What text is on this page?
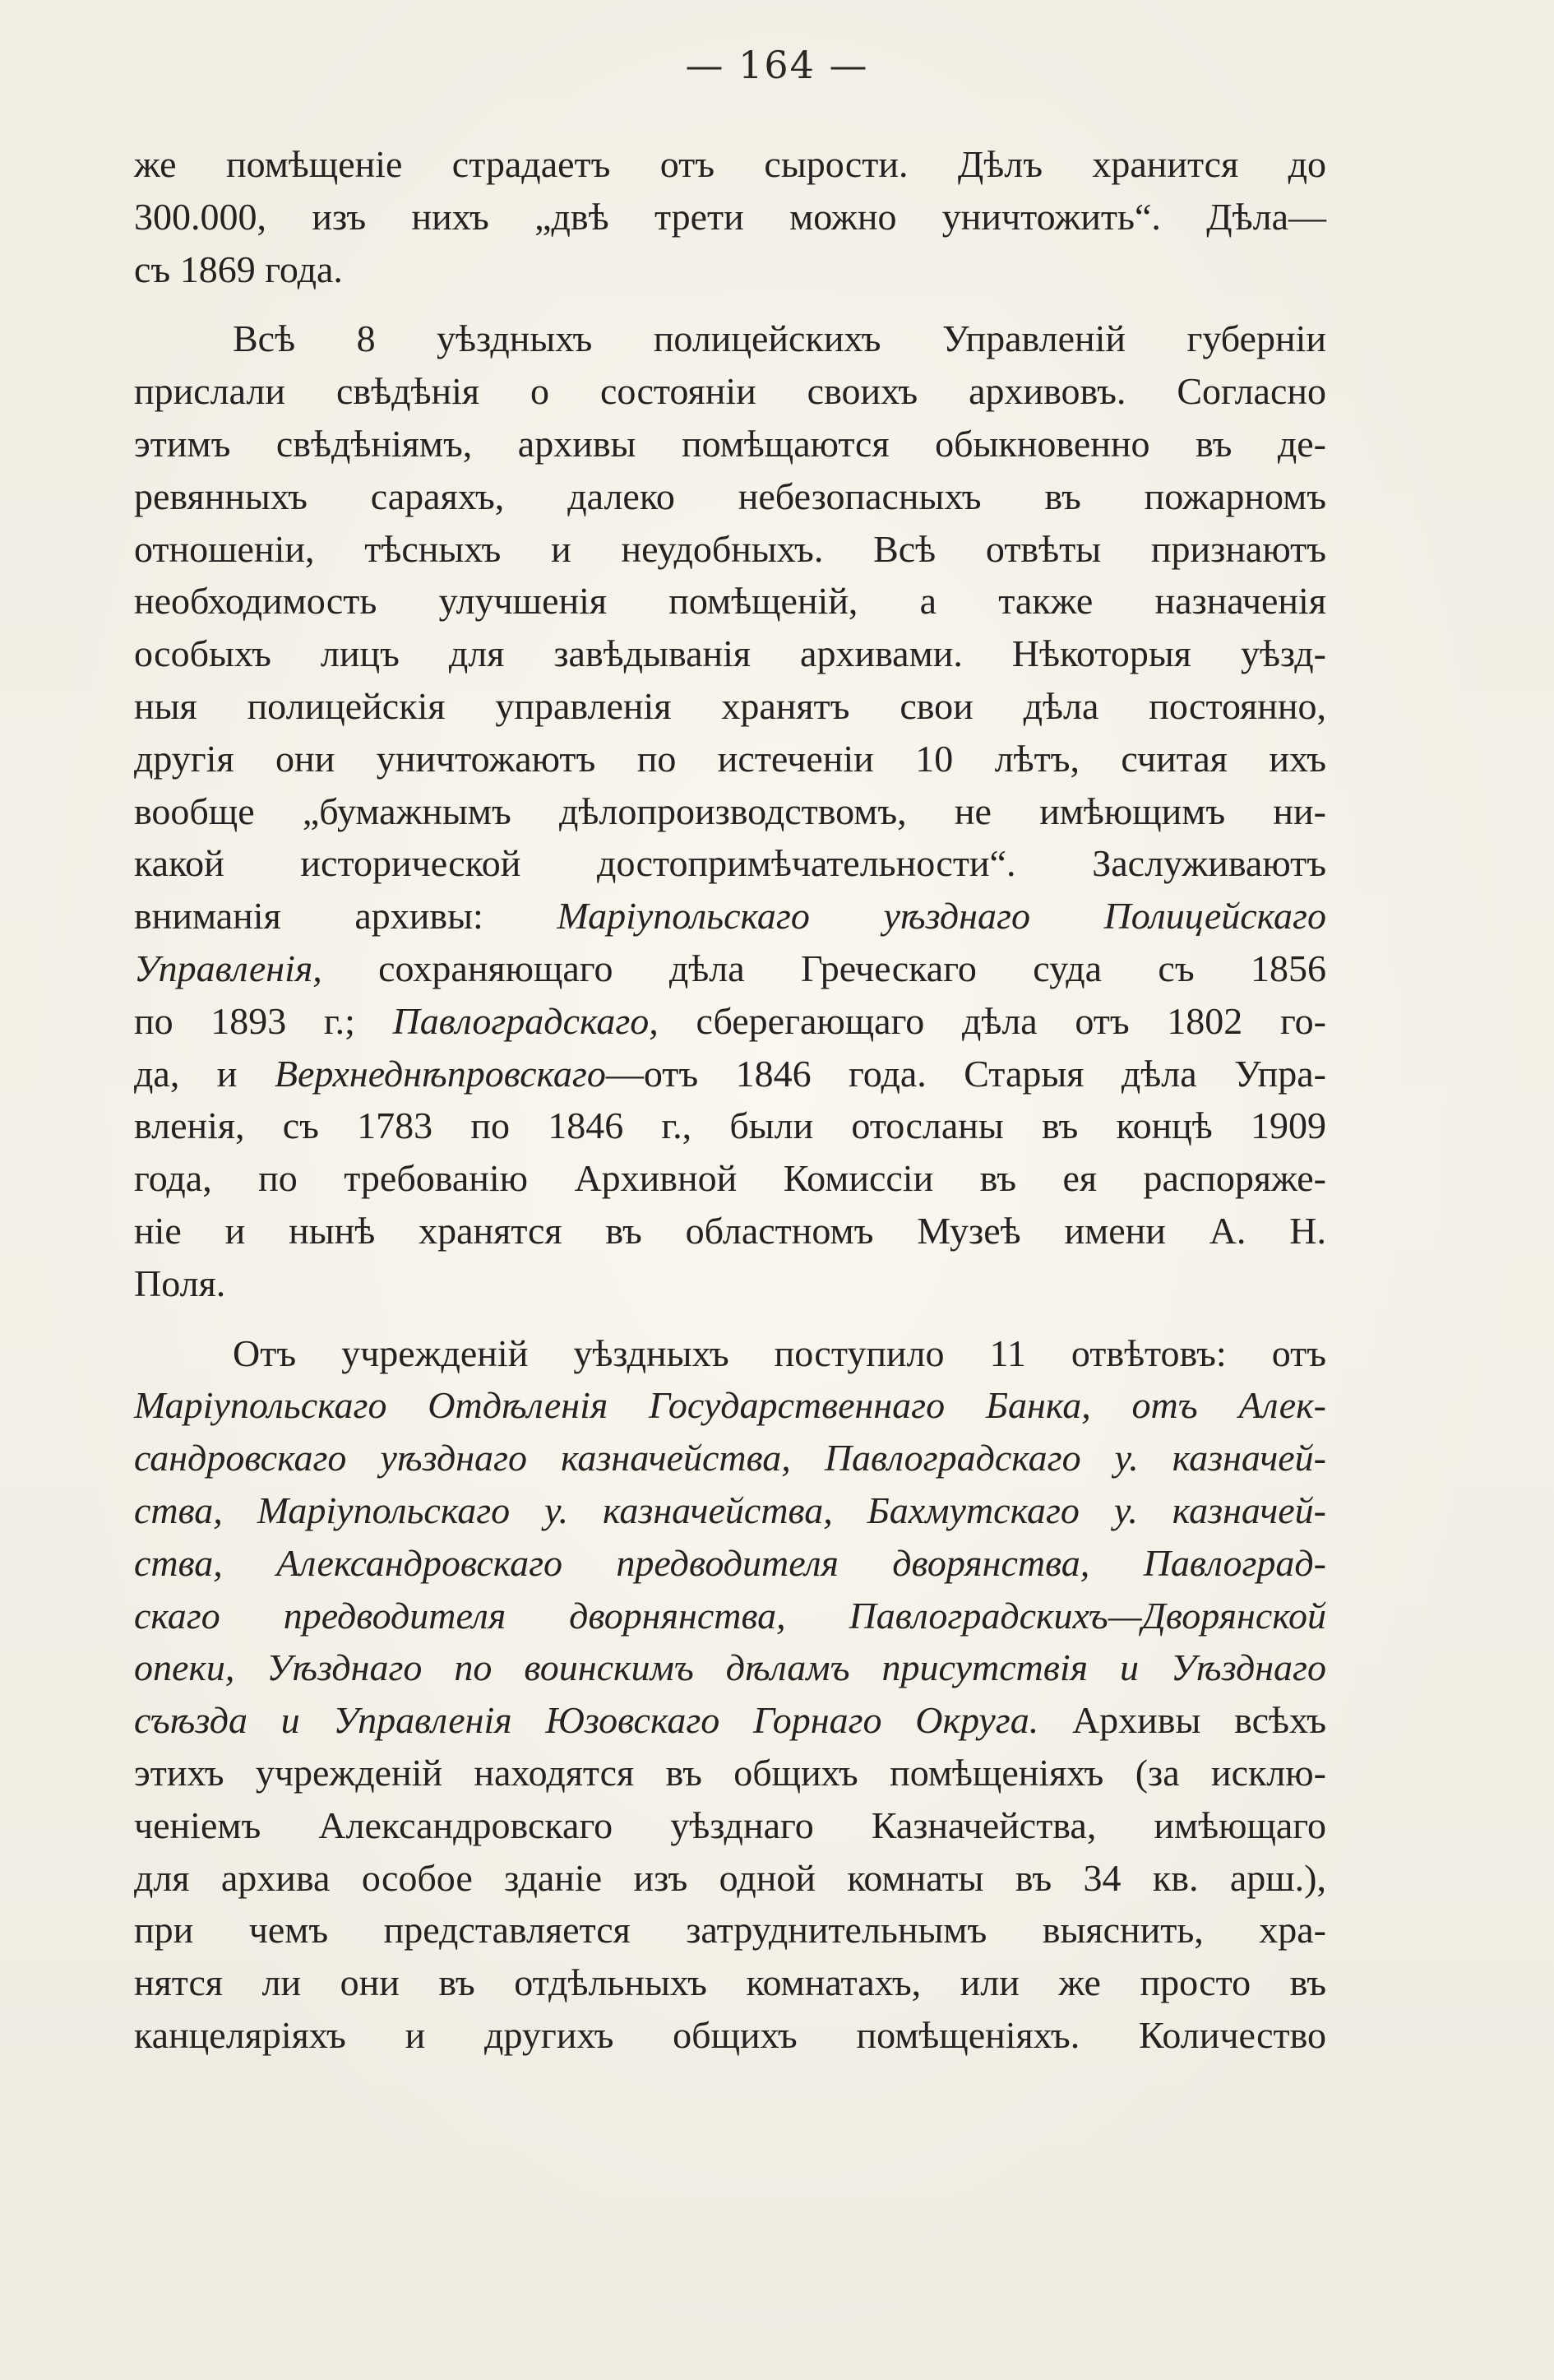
— 164 —
же помѣщеніе страдаетъ отъ сырости. Дѣлъ хранится до
300.000, изъ нихъ „двѣ трети можно уничтожить“. Дѣла—
съ 1869 года.
Всѣ 8 уѣздныхъ полицейскихъ Управленій губерніи
прислали свѣдѣнія о состояніи своихъ архивовъ. Согласно
этимъ свѣдѣніямъ, архивы помѣщаются обыкновенно въ де-
ревянныхъ сараяхъ, далеко небезопасныхъ въ пожарномъ
отношеніи, тѣсныхъ и неудобныхъ. Всѣ отвѣты признаютъ
необходимость улучшенія помѣщеній, а также назначенія
особыхъ лицъ для завѣдыванія архивами. Нѣкоторыя уѣзд-
ныя полицейскія управленія хранятъ свои дѣла постоянно,
другія они уничтожаютъ по истеченіи 10 лѣтъ, считая ихъ
вообще „бумажнымъ дѣлопроизводствомъ, не имѣющимъ ни-
какой исторической достопримѣчательности“. Заслуживаютъ
вниманія архивы: Маріупольскаго уѣзднаго Полицейскаго
Управленія, сохраняющаго дѣла Греческаго суда съ 1856
по 1893 г.; Павлоградскаго, сберегающаго дѣла отъ 1802 го-
да, и Верхнеднѣпровскаго—отъ 1846 года. Старыя дѣла Упра-
вленія, съ 1783 по 1846 г., были отосланы въ концѣ 1909
года, по требованію Архивной Комиссіи въ ея распоряже-
ніе и нынѣ хранятся въ областномъ Музеѣ имени А. Н.
Поля.
Отъ учрежденій уѣздныхъ поступило 11 отвѣтовъ: отъ
Маріупольскаго Отдѣленія Государственнаго Банка, отъ Алек-
сандровскаго уѣзднаго казначейства, Павлоградскаго у. казначей-
ства, Маріупольскаго у. казначейства, Бахмутскаго у. казначей-
ства, Александровскаго предводителя дворянства, Павлоград-
скаго предводителя дворнянства, Павлоградскихъ—Дворянской
опеки, Уѣзднаго по воинскимъ дѣламъ присутствія и Уѣзднаго
съѣзда и Управленія Юзовскаго Горнаго Округа. Архивы всѣхъ
этихъ учрежденій находятся въ общихъ помѣщеніяхъ (за исклю-
ченіемъ Александровскаго уѣзднаго Казначейства, имѣющаго
для архива особое зданіе изъ одной комнаты въ 34 кв. арш.),
при чемъ представляется затруднительнымъ выяснить, хра-
нятся ли они въ отдѣльныхъ комнатахъ, или же просто въ
канцеляріяхъ и другихъ общихъ помѣщеніяхъ. Количество
